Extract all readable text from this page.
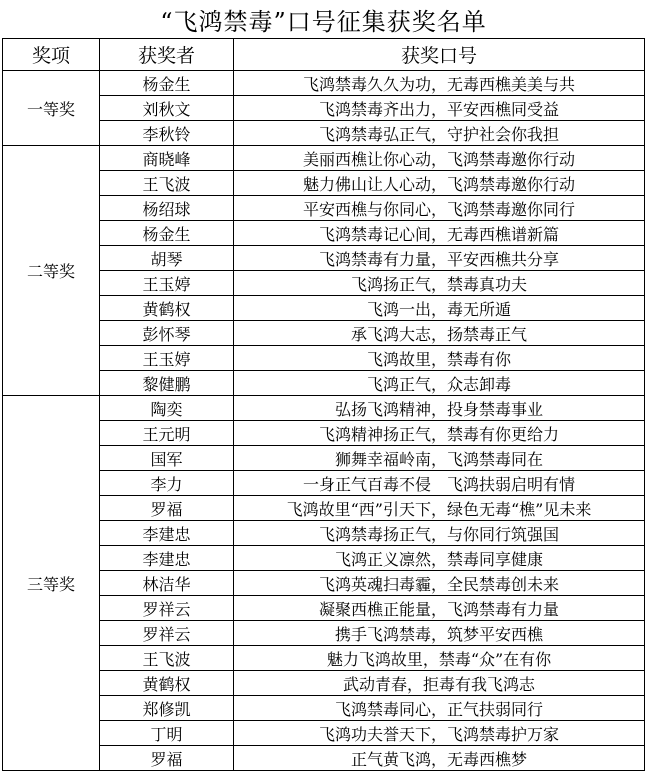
“飞鸿禁毒”口号征集获奖名单
奖项	获奖者	获奖口号
一等奖	杨金生	飞鸿禁毒久久为功，无毒西樵美美与共
	刘秋文	飞鸿禁毒齐出力，平安西樵同受益
	李秋铃	飞鸿禁毒弘正气，守护社会你我担
二等奖	商晓峰	美丽西樵让你心动，飞鸿禁毒邀你行动
	王飞波	魅力佛山让人心动，飞鸿禁毒邀你行动
	杨绍球	平安西樵与你同心，飞鸿禁毒邀你同行
	杨金生	飞鸿禁毒记心间，无毒西樵谱新篇
	胡琴	飞鸿禁毒有力量，平安西樵共分享
	王玉婷	飞鸿扬正气，禁毒真功夫
	黄鹤权	飞鸿一出，毒无所遁
	彭怀琴	承飞鸿大志，扬禁毒正气
	王玉婷	飞鸿故里，禁毒有你
	黎健鹏	飞鸿正气，众志卸毒
三等奖	陶奕	弘扬飞鸿精神，投身禁毒事业
	王元明	飞鸿精神扬正气，禁毒有你更给力
	国军	狮舞幸福岭南，飞鸿禁毒同在
	李力	一身正气百毒不侵　飞鸿扶弱启明有情
	罗福	飞鸿故里“西”引天下，绿色无毒“樵”见未来
	李建忠	飞鸿禁毒扬正气，与你同行筑强国
	李建忠	飞鸿正义凛然，禁毒同享健康
	林洁华	飞鸿英魂扫毒霾，全民禁毒创未来
	罗祥云	凝聚西樵正能量，飞鸿禁毒有力量
	罗祥云	携手飞鸿禁毒，筑梦平安西樵
	王飞波	魅力飞鸿故里，禁毒“众”在有你
	黄鹤权	武动青春，拒毒有我飞鸿志
	郑修凯	飞鸿禁毒同心，正气扶弱同行
	丁明	飞鸿功夫誉天下，飞鸿禁毒护万家
	罗福	正气黄飞鸿，无毒西樵梦
